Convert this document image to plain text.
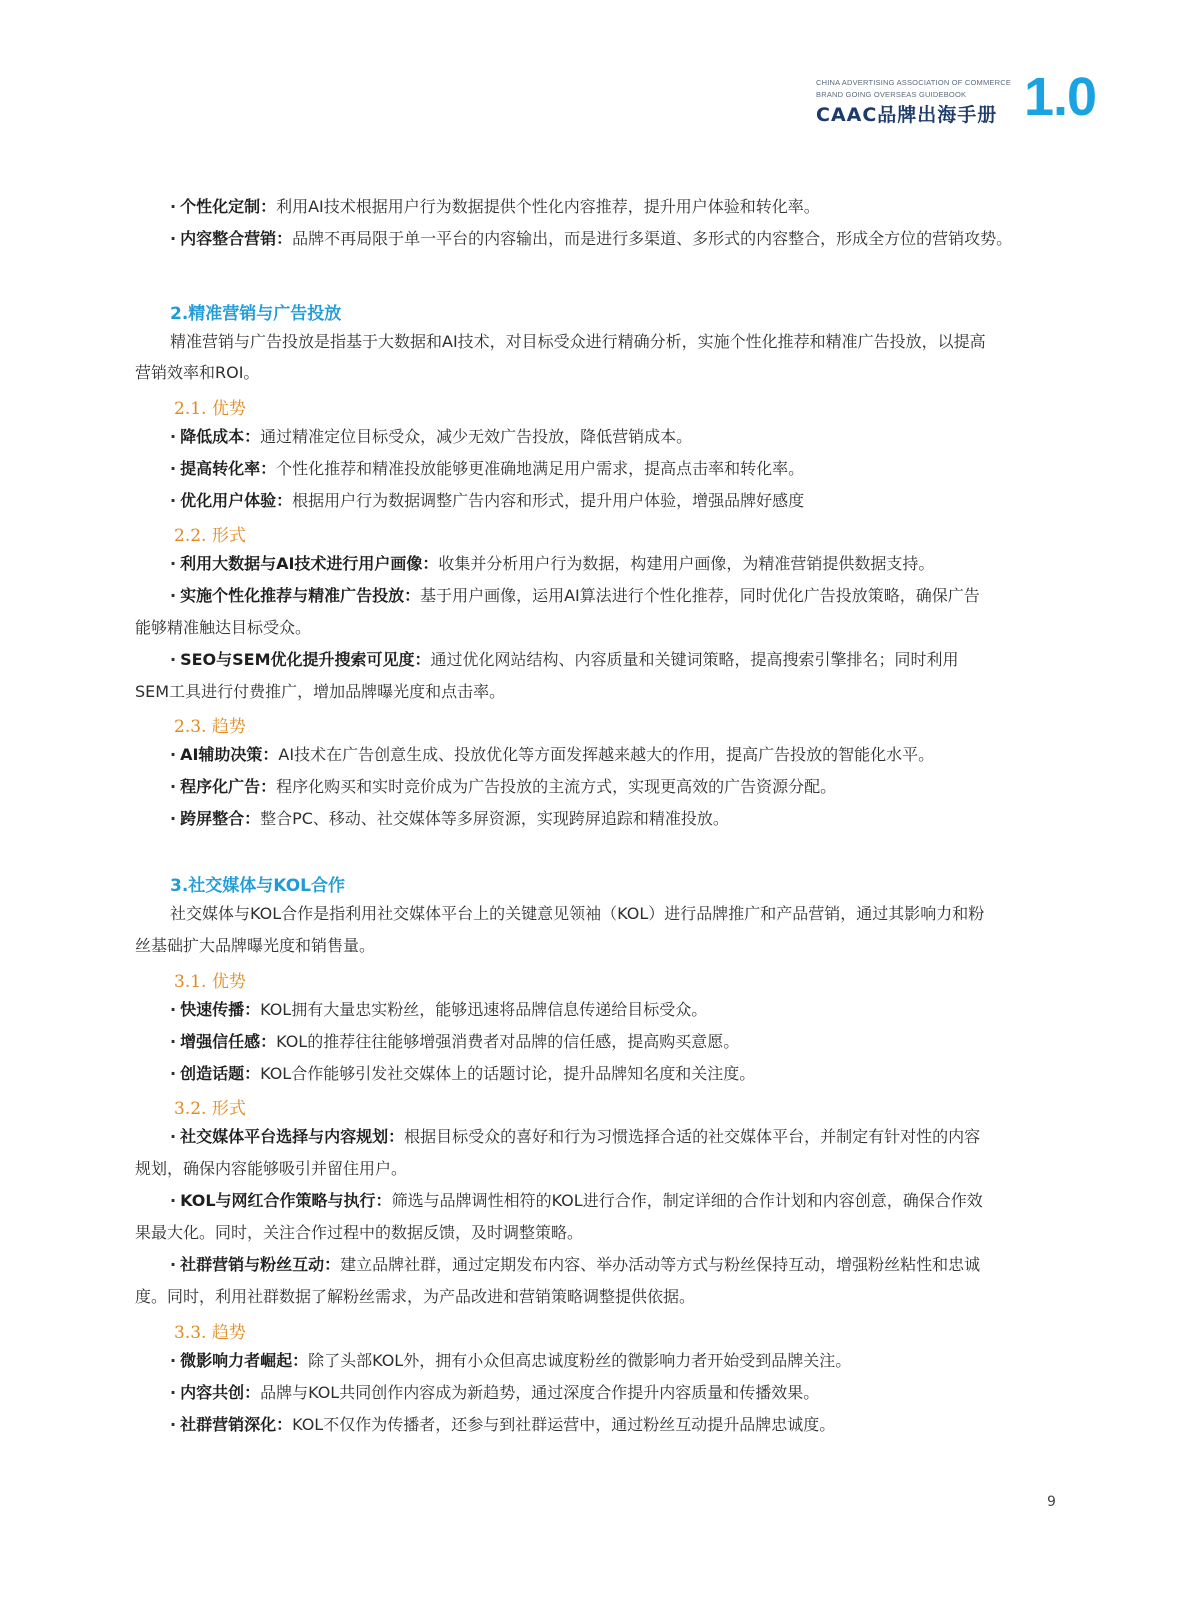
CHINA ADVERTISING ASSOCIATION OF COMMERCE
BRAND GOING OVERSEAS GUIDEBOOK
CAAC品牌出海手册 1.0
· 个性化定制：利用AI技术根据用户行为数据提供个性化内容推荐，提升用户体验和转化率。
· 内容整合营销：品牌不再局限于单一平台的内容输出，而是进行多渠道、多形式的内容整合，形成全方位的营销攻势。
2.精准营销与广告投放
精准营销与广告投放是指基于大数据和AI技术，对目标受众进行精确分析，实施个性化推荐和精准广告投放，以提高
营销效率和ROI。
2.1. 优势
· 降低成本：通过精准定位目标受众，减少无效广告投放，降低营销成本。
· 提高转化率：个性化推荐和精准投放能够更准确地满足用户需求，提高点击率和转化率。
· 优化用户体验：根据用户行为数据调整广告内容和形式，提升用户体验，增强品牌好感度
2.2. 形式
· 利用大数据与AI技术进行用户画像：收集并分析用户行为数据，构建用户画像，为精准营销提供数据支持。
· 实施个性化推荐与精准广告投放：基于用户画像，运用AI算法进行个性化推荐，同时优化广告投放策略，确保广告
能够精准触达目标受众。
· SEO与SEM优化提升搜索可见度：通过优化网站结构、内容质量和关键词策略，提高搜索引擎排名；同时利用
SEM工具进行付费推广，增加品牌曝光度和点击率。
2.3. 趋势
· AI辅助决策：AI技术在广告创意生成、投放优化等方面发挥越来越大的作用，提高广告投放的智能化水平。
· 程序化广告：程序化购买和实时竞价成为广告投放的主流方式，实现更高效的广告资源分配。
· 跨屏整合：整合PC、移动、社交媒体等多屏资源，实现跨屏追踪和精准投放。
3.社交媒体与KOL合作
社交媒体与KOL合作是指利用社交媒体平台上的关键意见领袖（KOL）进行品牌推广和产品营销，通过其影响力和粉
丝基础扩大品牌曝光度和销售量。
3.1. 优势
· 快速传播：KOL拥有大量忠实粉丝，能够迅速将品牌信息传递给目标受众。
· 增强信任感：KOL的推荐往往能够增强消费者对品牌的信任感，提高购买意愿。
· 创造话题：KOL合作能够引发社交媒体上的话题讨论，提升品牌知名度和关注度。
3.2. 形式
· 社交媒体平台选择与内容规划：根据目标受众的喜好和行为习惯选择合适的社交媒体平台，并制定有针对性的内容
规划，确保内容能够吸引并留住用户。
· KOL与网红合作策略与执行：筛选与品牌调性相符的KOL进行合作，制定详细的合作计划和内容创意，确保合作效
果最大化。同时，关注合作过程中的数据反馈，及时调整策略。
· 社群营销与粉丝互动：建立品牌社群，通过定期发布内容、举办活动等方式与粉丝保持互动，增强粉丝粘性和忠诚
度。同时，利用社群数据了解粉丝需求，为产品改进和营销策略调整提供依据。
3.3. 趋势
· 微影响力者崛起：除了头部KOL外，拥有小众但高忠诚度粉丝的微影响力者开始受到品牌关注。
· 内容共创：品牌与KOL共同创作内容成为新趋势，通过深度合作提升内容质量和传播效果。
· 社群营销深化：KOL不仅作为传播者，还参与到社群运营中，通过粉丝互动提升品牌忠诚度。
9
